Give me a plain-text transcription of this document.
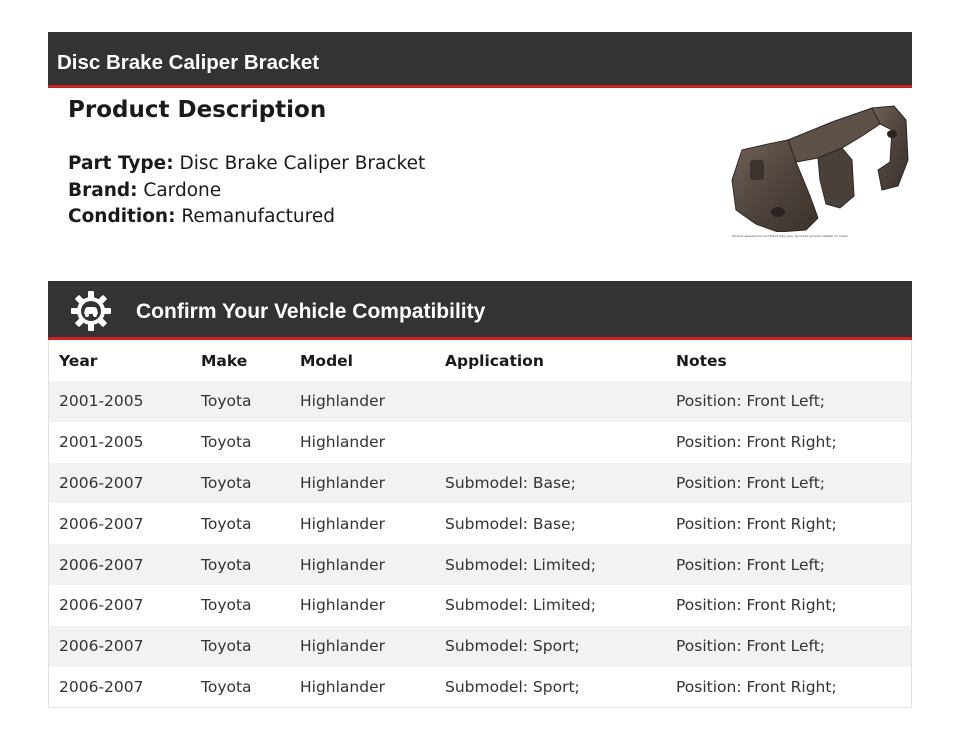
Disc Brake Caliper Bracket
Product Description
Part Type: Disc Brake Caliper Bracket
Brand: Cardone
Condition: Remanufactured
Product appearance and finish may vary, we'll add sensors rotation for notes
Confirm Your Vehicle Compatibility
Year	Make	Model	Application	Notes
2001-2005	Toyota	Highlander		Position: Front Left;
2001-2005	Toyota	Highlander		Position: Front Right;
2006-2007	Toyota	Highlander	Submodel: Base;	Position: Front Left;
2006-2007	Toyota	Highlander	Submodel: Base;	Position: Front Right;
2006-2007	Toyota	Highlander	Submodel: Limited;	Position: Front Left;
2006-2007	Toyota	Highlander	Submodel: Limited;	Position: Front Right;
2006-2007	Toyota	Highlander	Submodel: Sport;	Position: Front Left;
2006-2007	Toyota	Highlander	Submodel: Sport;	Position: Front Right;
